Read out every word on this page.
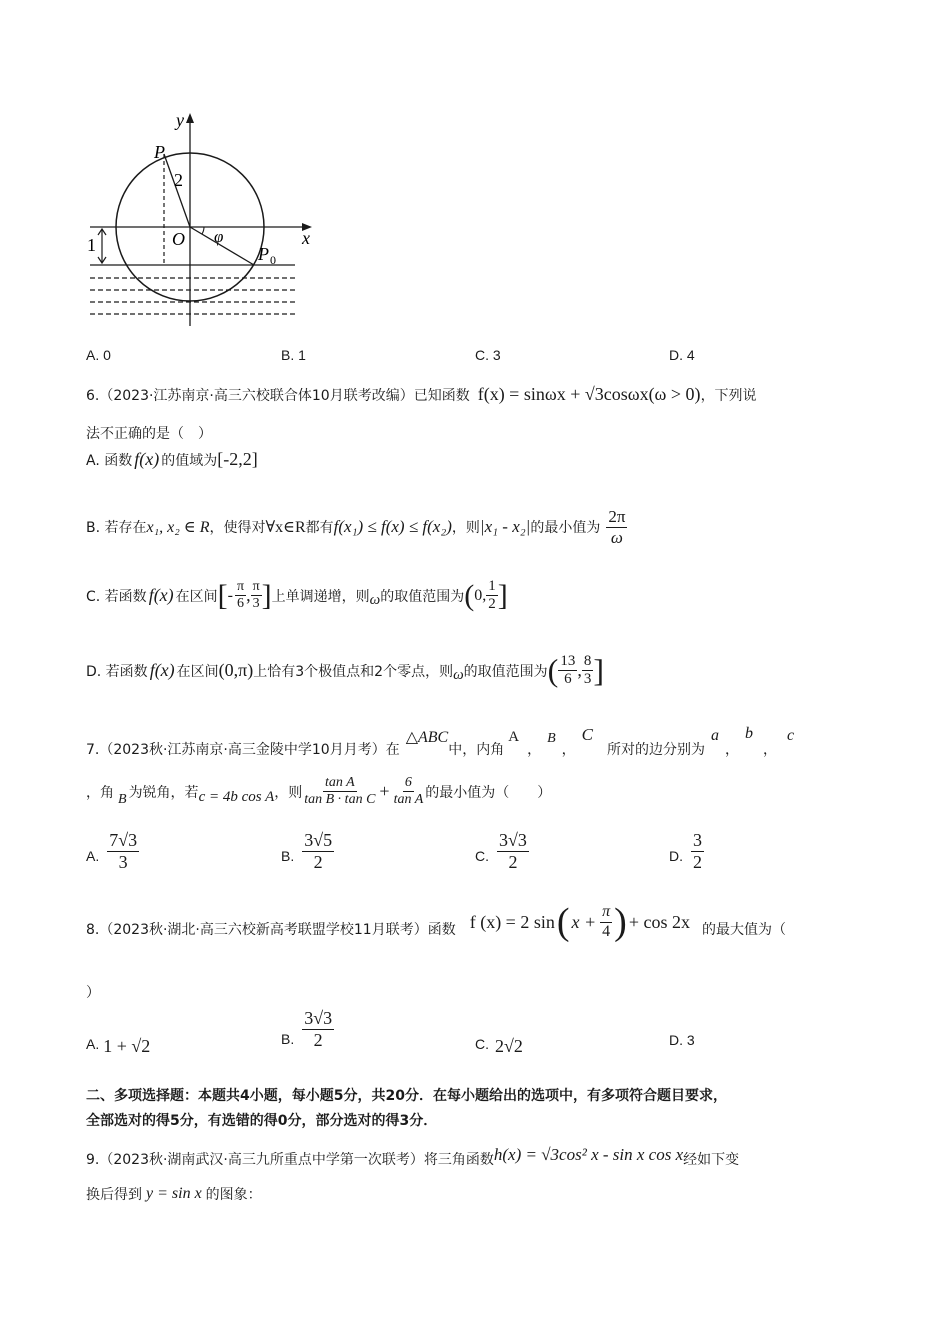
y
x
P
2
O φ
P 0
1
A. 0	B. 1	C. 3	D. 4
6.（2023·江苏南京·高三六校联合体10月联考改编）已知函数 f(x) = sinωx + √3cosωx(ω > 0)，下列说
法不正确的是（　）
A. 函数 f(x) 的值域为[-2,2]
B. 若存在 x₁, x₂ ∈ R ，使得对 ∀x∈R 都有 f(x₁) ≤ f(x) ≤ f(x₂) ，则 |x₁ - x₂| 的最小值为 $\frac{2\pi}{\omega}$
C. 若函数 f(x) 在区间 [ - $\frac{\pi}{6}$ , $\frac{\pi}{3}$ ] 上单调递增，则 ω 的取值范围为 ( 0, $\frac{1}{2}$ ]
D. 若函数 f(x) 在区间 (0,π) 上恰有3个极值点和2个零点，则 ω 的取值范围为 ( $\frac{13}{6}$ , $\frac{8}{3}$ ]
7.（2023秋·江苏南京·高三金陵中学10月月考）在
△ABC
中，内角
A
，
B
，
C
所对的边分别为
a
，
b
，
c
，角 B 为锐角，若 c = 4b cos A ，则 $\frac{\text{tan A}}{\text{tan B · tan C}} + \frac{6}{\text{tan A}}$ 的最小值为（　　）
A. $\frac{7√3}{3}$	B. $\frac{3√5}{2}$	C. $\frac{3√3}{2}$	D. $\frac{3}{2}$
8.（2023秋·湖北·高三六校新高考联盟学校11月联考）函数 f (x) = 2 sin ( $x + \frac{\pi}{4}$ ) + cos 2x 的最大值为（
）
A. 1 + √2	B. $\frac{3√3}{2}$	C. 2√2	D. 3
二、多项选择题：本题共4小题，每小题5分，共20分．在每小题给出的选项中，有多项符合题目要求，
全部选对的得5分，有选错的得0分，部分选对的得3分．
9.（2023秋·湖南武汉·高三九所重点中学第一次联考）将三角函数 h(x) = √3cos² x - sin x cos x 经如下变
换后得到 y = sin x 的图象：
